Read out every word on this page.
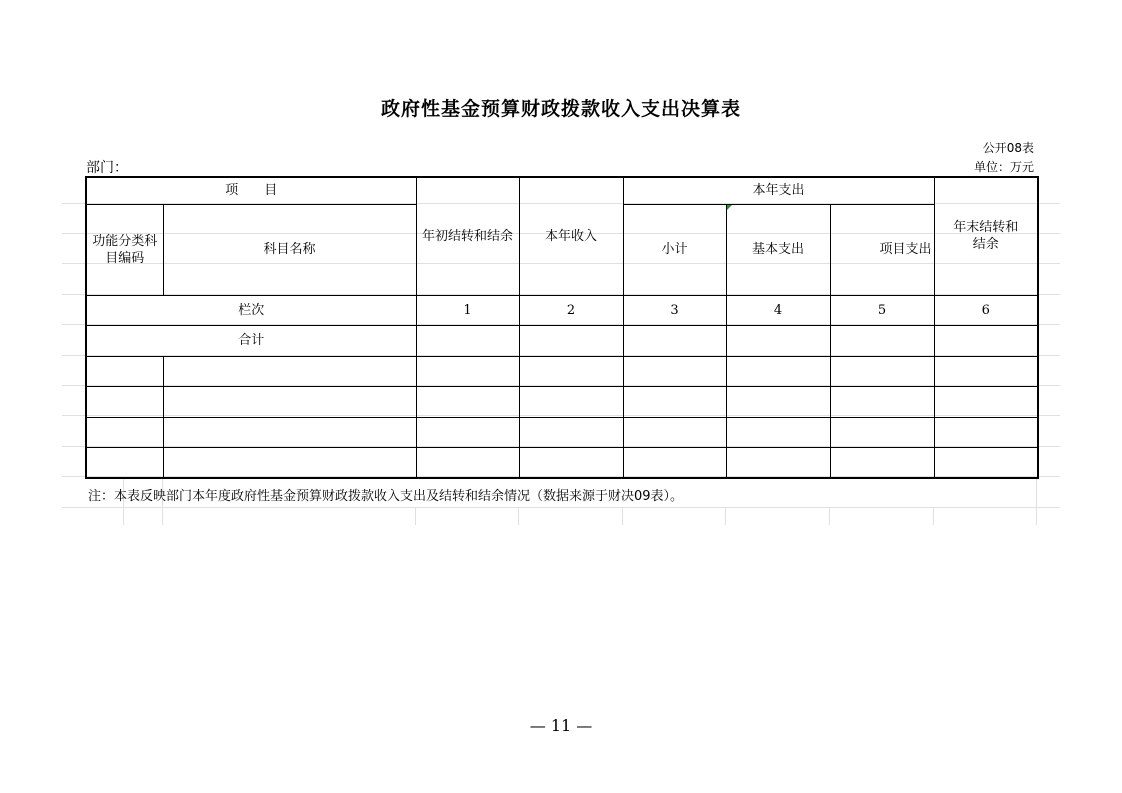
政府性基金预算财政拨款收入支出决算表
公开08表
单位：万元
部门：
项　　目		年初结转和结余	本年收入	本年支出			年末结转和结余
功能分类科目编码	科目名称			小计	基本支出	项目支出	
栏次		1	2	3	4	5	6
合计							

注：本表反映部门本年度政府性基金预算财政拨款收入支出及结转和结余情况（数据来源于财决09表）。
— 11 —
